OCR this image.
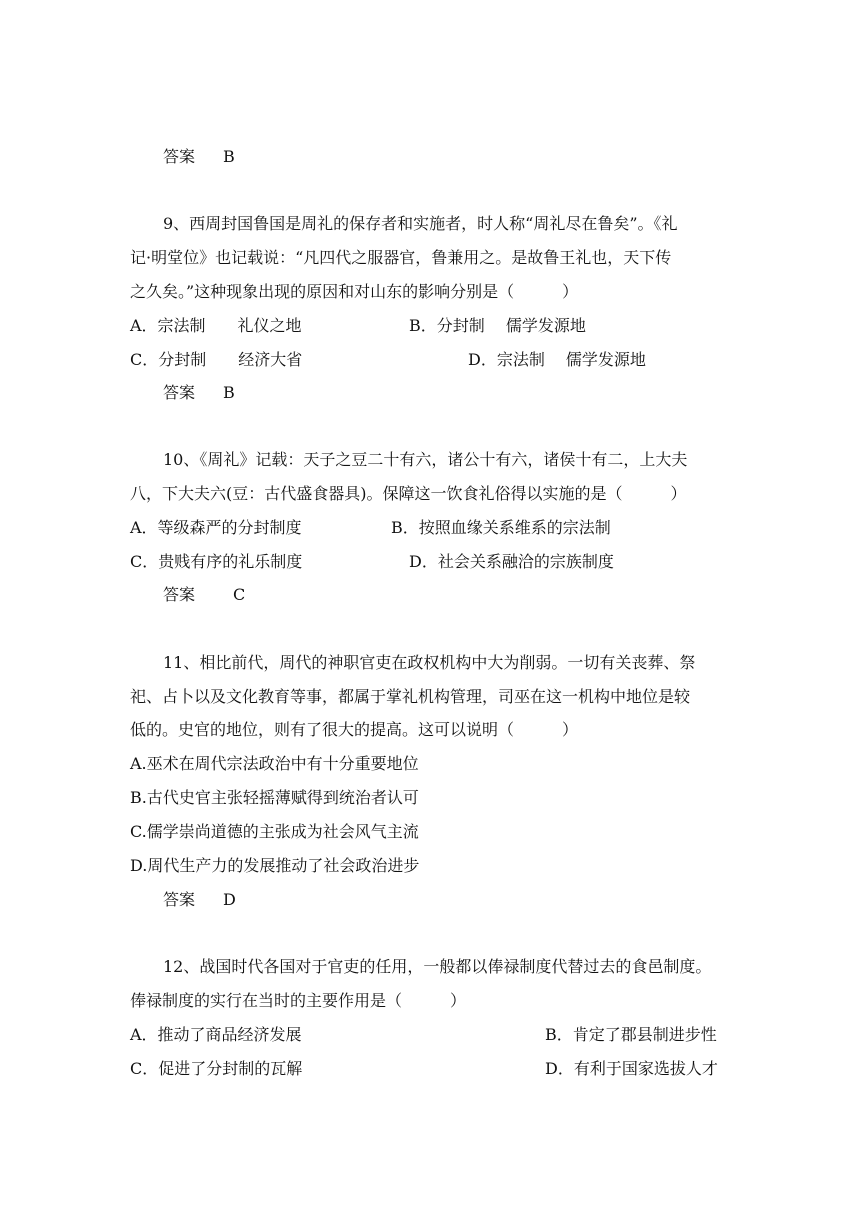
答案 B
9、西周封国鲁国是周礼的保存者和实施者，时人称“周礼尽在鲁矣”。《礼
记·明堂位》也记载说：“凡四代之服器官，鲁兼用之。是故鲁王礼也，天下传
之久矣。”这种现象出现的原因和对山东的影响分别是（　　　）
A．宗法制　　礼仪之地	B．分封制　 儒学发源地
C．分封制　　经济大省	D．宗法制　 儒学发源地
答案 B
10、《周礼》记载：天子之豆二十有六，诸公十有六，诸侯十有二，上大夫
八，下大夫六(豆：古代盛食器具)。保障这一饮食礼俗得以实施的是（　　　）
A．等级森严的分封制度	B．按照血缘关系维系的宗法制
C．贵贱有序的礼乐制度	D．社会关系融洽的宗族制度
答案 C
11、相比前代，周代的神职官吏在政权机构中大为削弱。一切有关丧葬、祭
祀、占卜以及文化教育等事，都属于掌礼机构管理，司巫在这一机构中地位是较
低的。史官的地位，则有了很大的提高。这可以说明（　　　）
A.巫术在周代宗法政治中有十分重要地位
B.古代史官主张轻摇薄赋得到统治者认可
C.儒学崇尚道德的主张成为社会风气主流
D.周代生产力的发展推动了社会政治进步
答案 D
12、战国时代各国对于官吏的任用，一般都以俸禄制度代替过去的食邑制度。
俸禄制度的实行在当时的主要作用是（　　　）
A．推动了商品经济发展	B．肯定了郡县制进步性
C．促进了分封制的瓦解	D．有利于国家选拔人才
